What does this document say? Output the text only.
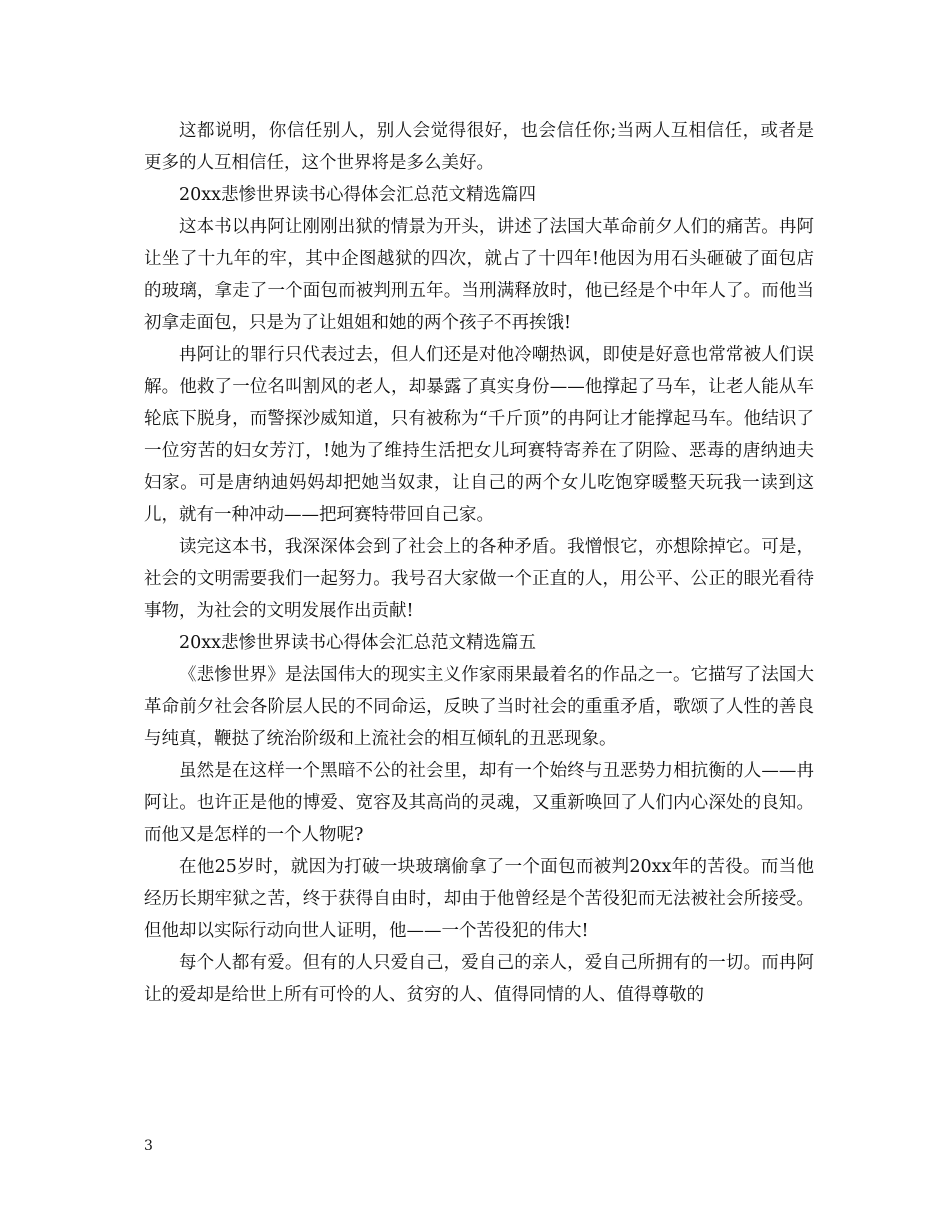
这都说明，你信任别人，别人会觉得很好，也会信任你;当两人互相信任，或者是更多的人互相信任，这个世界将是多么美好。

20xx悲惨世界读书心得体会汇总范文精选篇四

这本书以冉阿让刚刚出狱的情景为开头，讲述了法国大革命前夕人们的痛苦。冉阿让坐了十九年的牢，其中企图越狱的四次，就占了十四年!他因为用石头砸破了面包店的玻璃，拿走了一个面包而被判刑五年。当刑满释放时，他已经是个中年人了。而他当初拿走面包，只是为了让姐姐和她的两个孩子不再挨饿!

冉阿让的罪行只代表过去，但人们还是对他冷嘲热讽，即使是好意也常常被人们误解。他救了一位名叫割风的老人，却暴露了真实身份——他撑起了马车，让老人能从车轮底下脱身，而警探沙威知道，只有被称为“千斤顶”的冉阿让才能撑起马车。他结识了一位穷苦的妇女芳汀，!她为了维持生活把女儿珂赛特寄养在了阴险、恶毒的唐纳迪夫妇家。可是唐纳迪妈妈却把她当奴隶，让自己的两个女儿吃饱穿暖整天玩我一读到这儿，就有一种冲动——把珂赛特带回自己家。

读完这本书，我深深体会到了社会上的各种矛盾。我憎恨它，亦想除掉它。可是，社会的文明需要我们一起努力。我号召大家做一个正直的人，用公平、公正的眼光看待事物，为社会的文明发展作出贡献!

20xx悲惨世界读书心得体会汇总范文精选篇五

《悲惨世界》是法国伟大的现实主义作家雨果最着名的作品之一。它描写了法国大革命前夕社会各阶层人民的不同命运，反映了当时社会的重重矛盾，歌颂了人性的善良与纯真，鞭挞了统治阶级和上流社会的相互倾轧的丑恶现象。

虽然是在这样一个黑暗不公的社会里，却有一个始终与丑恶势力相抗衡的人——冉阿让。也许正是他的博爱、宽容及其高尚的灵魂，又重新唤回了人们内心深处的良知。而他又是怎样的一个人物呢?

在他25岁时，就因为打破一块玻璃偷拿了一个面包而被判20xx年的苦役。而当他经历长期牢狱之苦，终于获得自由时，却由于他曾经是个苦役犯而无法被社会所接受。但他却以实际行动向世人证明，他——一个苦役犯的伟大!

每个人都有爱。但有的人只爱自己，爱自己的亲人，爱自己所拥有的一切。而冉阿让的爱却是给世上所有可怜的人、贫穷的人、值得同情的人、值得尊敬的

3
